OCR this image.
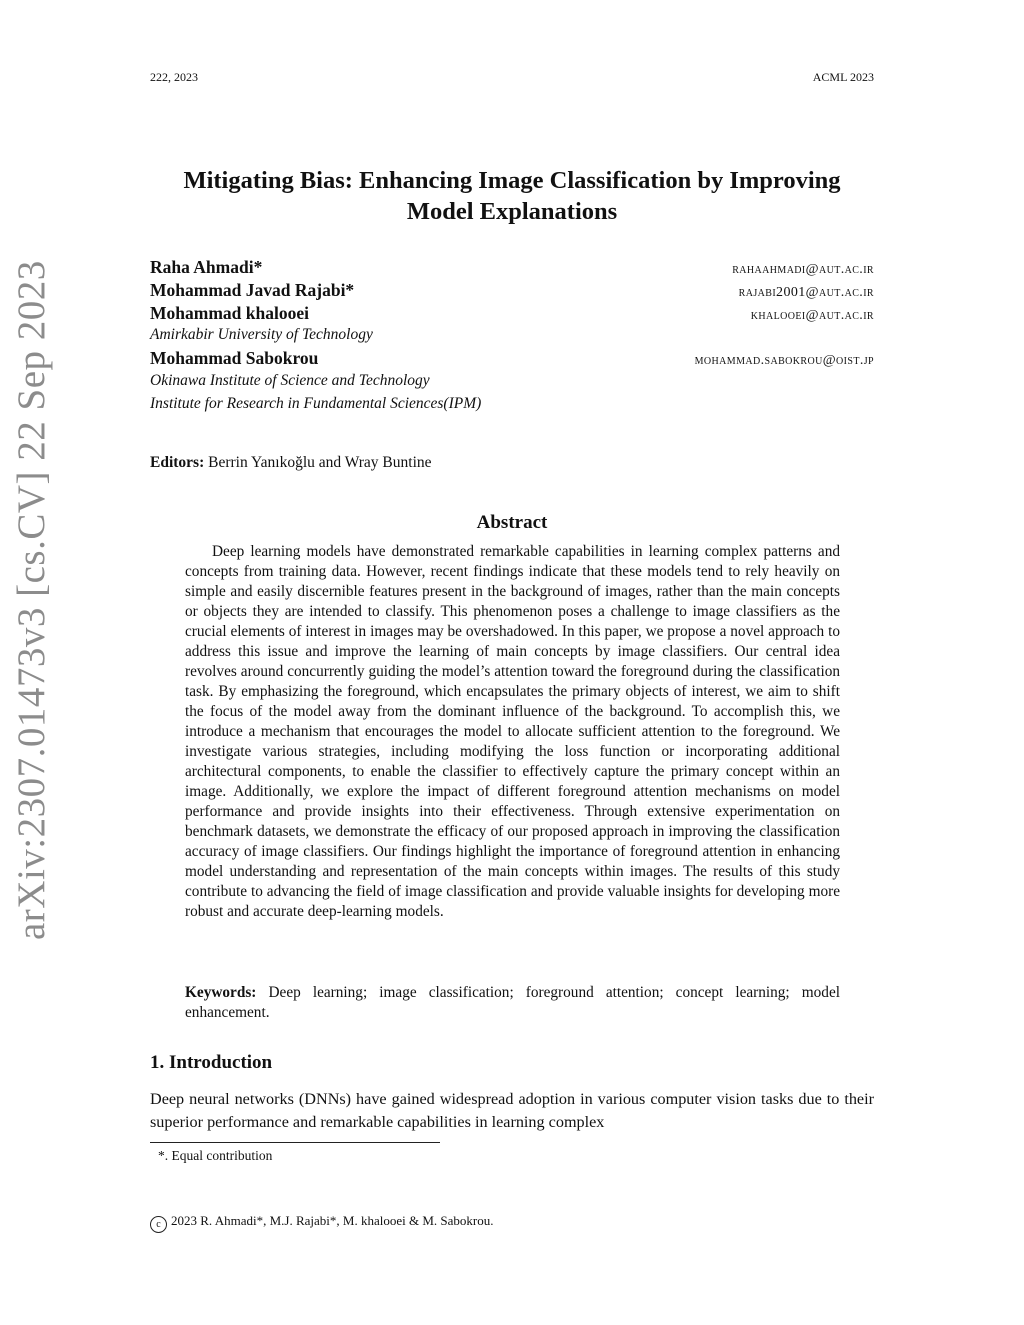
222, 2023	ACML 2023
Mitigating Bias: Enhancing Image Classification by Improving Model Explanations
Raha Ahmadi*	rahaahmadi@aut.ac.ir
Mohammad Javad Rajabi*	rajabi2001@aut.ac.ir
Mohammad khalooei	khalooei@aut.ac.ir
Amirkabir University of Technology
Mohammad Sabokrou	mohammad.sabokrou@oist.jp
Okinawa Institute of Science and Technology
Institute for Research in Fundamental Sciences(IPM)
Editors: Berrin Yanıkoğlu and Wray Buntine
Abstract

Deep learning models have demonstrated remarkable capabilities in learning complex patterns and concepts from training data. However, recent findings indicate that these models tend to rely heavily on simple and easily discernible features present in the background of images, rather than the main concepts or objects they are intended to classify. This phenomenon poses a challenge to image classifiers as the crucial elements of interest in images may be overshadowed. In this paper, we propose a novel approach to address this issue and improve the learning of main concepts by image classifiers. Our central idea revolves around concurrently guiding the model’s attention toward the foreground during the classification task. By emphasizing the foreground, which encapsulates the primary objects of interest, we aim to shift the focus of the model away from the dominant influence of the background. To accomplish this, we introduce a mechanism that encourages the model to allocate sufficient attention to the foreground. We investigate various strategies, including modifying the loss function or incorporating additional architectural components, to enable the classifier to effectively capture the primary concept within an image. Additionally, we explore the impact of different foreground attention mechanisms on model performance and provide insights into their effectiveness. Through extensive experimentation on benchmark datasets, we demonstrate the efficacy of our proposed approach in improving the classification accuracy of image classifiers. Our findings highlight the importance of foreground attention in enhancing model understanding and representation of the main concepts within images. The results of this study contribute to advancing the field of image classification and provide valuable insights for developing more robust and accurate deep-learning models.

Keywords: Deep learning; image classification; foreground attention; concept learning; model enhancement.

1. Introduction

Deep neural networks (DNNs) have gained widespread adoption in various computer vision tasks due to their superior performance and remarkable capabilities in learning complex

*. Equal contribution
c 2023 R. Ahmadi*, M.J. Rajabi*, M. khalooei & M. Sabokrou.
arXiv:2307.01473v3 [cs.CV] 22 Sep 2023
